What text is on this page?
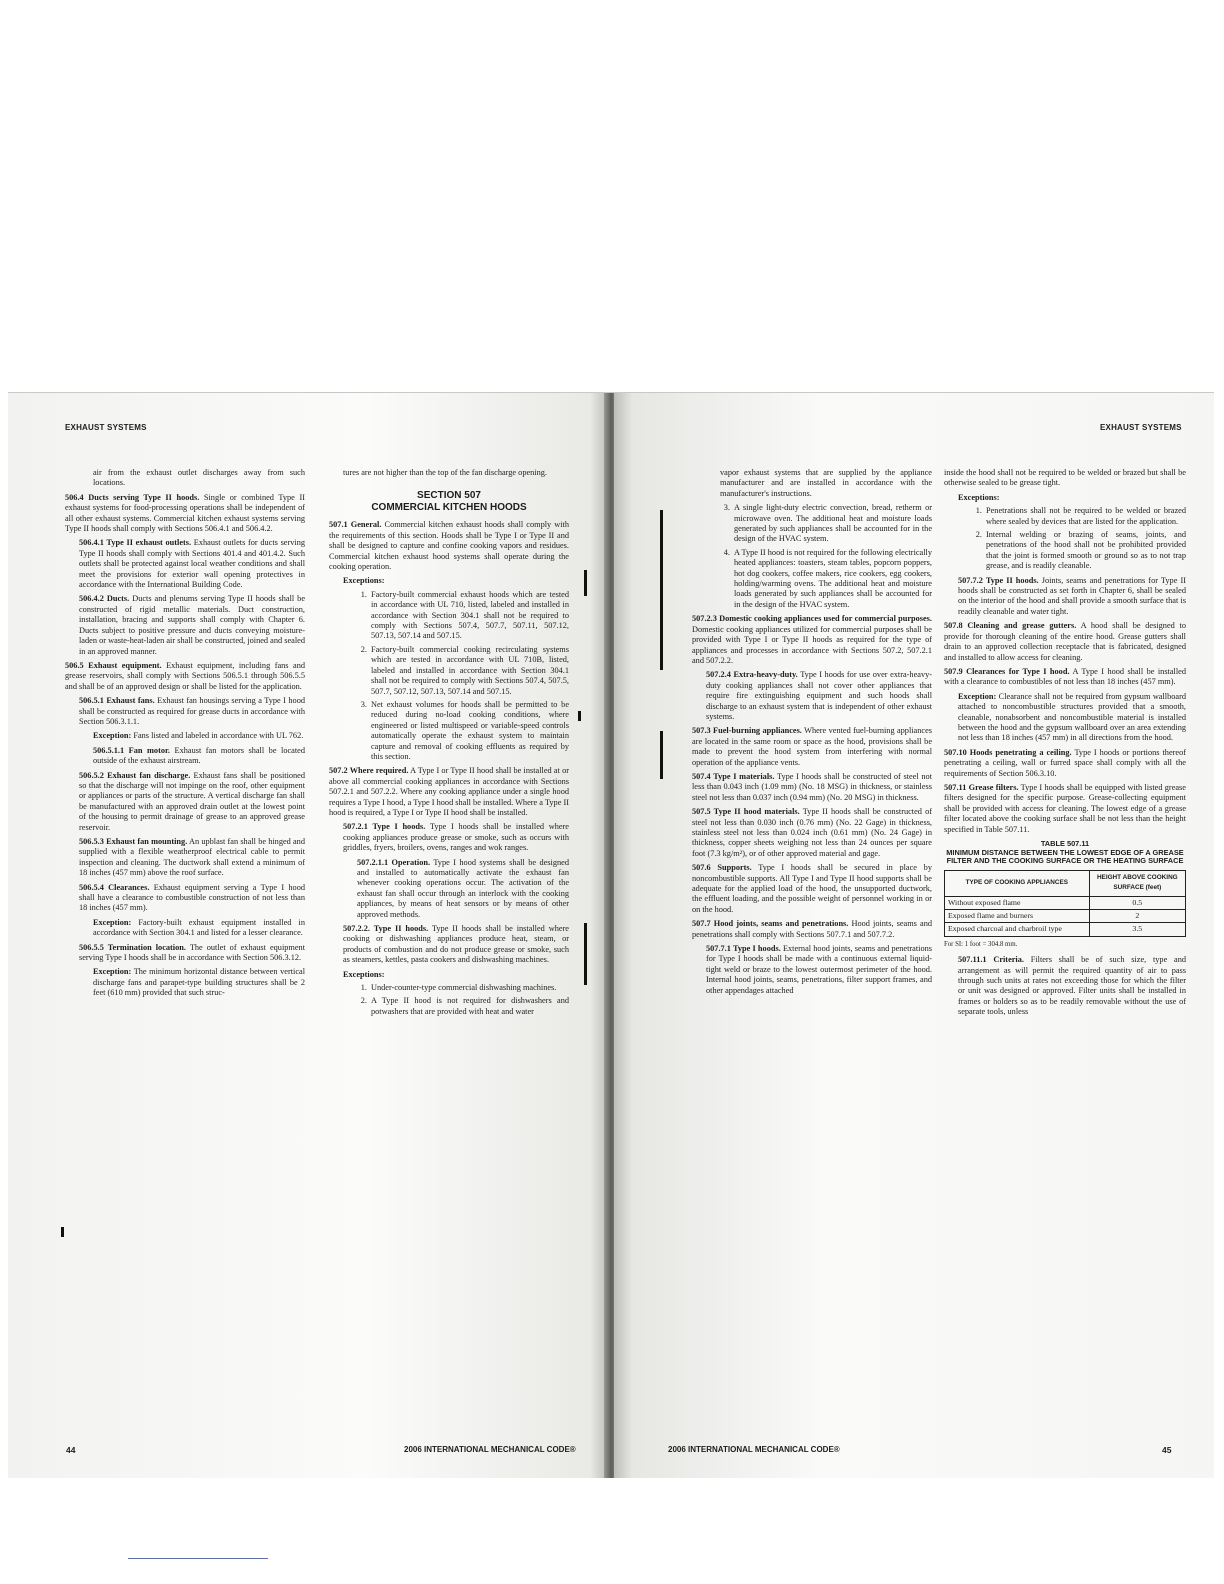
EXHAUST SYSTEMS

air from the exhaust outlet discharges away from such locations.

506.4 Ducts serving Type II hoods. Single or combined Type II exhaust systems for food-processing operations shall be independent of all other exhaust systems. Commercial kitchen exhaust systems serving Type II hoods shall comply with Sections 506.4.1 and 506.4.2.

506.4.1 Type II exhaust outlets. Exhaust outlets for ducts serving Type II hoods shall comply with Sections 401.4 and 401.4.2. Such outlets shall be protected against local weather conditions and shall meet the provisions for exterior wall opening protectives in accordance with the International Building Code.

506.4.2 Ducts. Ducts and plenums serving Type II hoods shall be constructed of rigid metallic materials. Duct construction, installation, bracing and supports shall comply with Chapter 6. Ducts subject to positive pressure and ducts conveying moisture-laden or waste-heat-laden air shall be constructed, joined and sealed in an approved manner.

506.5 Exhaust equipment. Exhaust equipment, including fans and grease reservoirs, shall comply with Sections 506.5.1 through 506.5.5 and shall be of an approved design or shall be listed for the application.

506.5.1 Exhaust fans. Exhaust fan housings serving a Type I hood shall be constructed as required for grease ducts in accordance with Section 506.3.1.1.

Exception: Fans listed and labeled in accordance with UL 762.

506.5.1.1 Fan motor. Exhaust fan motors shall be located outside of the exhaust airstream.

506.5.2 Exhaust fan discharge. Exhaust fans shall be positioned so that the discharge will not impinge on the roof, other equipment or appliances or parts of the structure. A vertical discharge fan shall be manufactured with an approved drain outlet at the lowest point of the housing to permit drainage of grease to an approved grease reservoir.

506.5.3 Exhaust fan mounting. An upblast fan shall be hinged and supplied with a flexible weatherproof electrical cable to permit inspection and cleaning. The ductwork shall extend a minimum of 18 inches (457 mm) above the roof surface.

506.5.4 Clearances. Exhaust equipment serving a Type I hood shall have a clearance to combustible construction of not less than 18 inches (457 mm).

Exception: Factory-built exhaust equipment installed in accordance with Section 304.1 and listed for a lesser clearance.

506.5.5 Termination location. The outlet of exhaust equipment serving Type I hoods shall be in accordance with Section 506.3.12.

Exception: The minimum horizontal distance between vertical discharge fans and parapet-type building structures shall be 2 feet (610 mm) provided that such struc-

tures are not higher than the top of the fan discharge opening.

SECTION 507
COMMERCIAL KITCHEN HOODS

507.1 General. Commercial kitchen exhaust hoods shall comply with the requirements of this section. Hoods shall be Type I or Type II and shall be designed to capture and confine cooking vapors and residues. Commercial kitchen exhaust hood systems shall operate during the cooking operation.

Exceptions:
1. Factory-built commercial exhaust hoods which are tested in accordance with UL 710, listed, labeled and installed in accordance with Section 304.1 shall not be required to comply with Sections 507.4, 507.7, 507.11, 507.12, 507.13, 507.14 and 507.15.
2. Factory-built commercial cooking recirculating systems which are tested in accordance with UL 710B, listed, labeled and installed in accordance with Section 304.1 shall not be required to comply with Sections 507.4, 507.5, 507.7, 507.12, 507.13, 507.14 and 507.15.
3. Net exhaust volumes for hoods shall be permitted to be reduced during no-load cooking conditions, where engineered or listed multispeed or variable-speed controls automatically operate the exhaust system to maintain capture and removal of cooking effluents as required by this section.

507.2 Where required. A Type I or Type II hood shall be installed at or above all commercial cooking appliances in accordance with Sections 507.2.1 and 507.2.2. Where any cooking appliance under a single hood requires a Type I hood, a Type I hood shall be installed. Where a Type II hood is required, a Type I or Type II hood shall be installed.

507.2.1 Type I hoods. Type I hoods shall be installed where cooking appliances produce grease or smoke, such as occurs with griddles, fryers, broilers, ovens, ranges and wok ranges.

507.2.1.1 Operation. Type I hood systems shall be designed and installed to automatically activate the exhaust fan whenever cooking operations occur. The activation of the exhaust fan shall occur through an interlock with the cooking appliances, by means of heat sensors or by means of other approved methods.

507.2.2. Type II hoods. Type II hoods shall be installed where cooking or dishwashing appliances produce heat, steam, or products of combustion and do not produce grease or smoke, such as steamers, kettles, pasta cookers and dishwashing machines.

Exceptions:
1. Under-counter-type commercial dishwashing machines.
2. A Type II hood is not required for dishwashers and potwashers that are provided with heat and water
44	2006 INTERNATIONAL MECHANICAL CODE®
EXHAUST SYSTEMS

vapor exhaust systems that are supplied by the appliance manufacturer and are installed in accordance with the manufacturer's instructions.

3. A single light-duty electric convection, bread, retherm or microwave oven. The additional heat and moisture loads generated by such appliances shall be accounted for in the design of the HVAC system.
4. A Type II hood is not required for the following electrically heated appliances: toasters, steam tables, popcorn poppers, hot dog cookers, coffee makers, rice cookers, egg cookers, holding/warming ovens. The additional heat and moisture loads generated by such appliances shall be accounted for in the design of the HVAC system.

507.2.3 Domestic cooking appliances used for commercial purposes. Domestic cooking appliances utilized for commercial purposes shall be provided with Type I or Type II hoods as required for the type of appliances and processes in accordance with Sections 507.2, 507.2.1 and 507.2.2.

507.2.4 Extra-heavy-duty. Type I hoods for use over extra-heavy-duty cooking appliances shall not cover other appliances that require fire extinguishing equipment and such hoods shall discharge to an exhaust system that is independent of other exhaust systems.

507.3 Fuel-burning appliances. Where vented fuel-burning appliances are located in the same room or space as the hood, provisions shall be made to prevent the hood system from interfering with normal operation of the appliance vents.

507.4 Type I materials. Type I hoods shall be constructed of steel not less than 0.043 inch (1.09 mm) (No. 18 MSG) in thickness, or stainless steel not less than 0.037 inch (0.94 mm) (No. 20 MSG) in thickness.

507.5 Type II hood materials. Type II hoods shall be constructed of steel not less than 0.030 inch (0.76 mm) (No. 22 Gage) in thickness, stainless steel not less than 0.024 inch (0.61 mm) (No. 24 Gage) in thickness, copper sheets weighing not less than 24 ounces per square foot (7.3 kg/m²), or of other approved material and gage.

507.6 Supports. Type I hoods shall be secured in place by noncombustible supports. All Type I and Type II hood supports shall be adequate for the applied load of the hood, the unsupported ductwork, the effluent loading, and the possible weight of personnel working in or on the hood.

507.7 Hood joints, seams and penetrations. Hood joints, seams and penetrations shall comply with Sections 507.7.1 and 507.7.2.

507.7.1 Type I hoods. External hood joints, seams and penetrations for Type I hoods shall be made with a continuous external liquid-tight weld or braze to the lowest outermost perimeter of the hood. Internal hood joints, seams, penetrations, filter support frames, and other appendages attached

inside the hood shall not be required to be welded or brazed but shall be otherwise sealed to be grease tight.

Exceptions:
1. Penetrations shall not be required to be welded or brazed where sealed by devices that are listed for the application.
2. Internal welding or brazing of seams, joints, and penetrations of the hood shall not be prohibited provided that the joint is formed smooth or ground so as to not trap grease, and is readily cleanable.

507.7.2 Type II hoods. Joints, seams and penetrations for Type II hoods shall be constructed as set forth in Chapter 6, shall be sealed on the interior of the hood and shall provide a smooth surface that is readily cleanable and water tight.

507.8 Cleaning and grease gutters. A hood shall be designed to provide for thorough cleaning of the entire hood. Grease gutters shall drain to an approved collection receptacle that is fabricated, designed and installed to allow access for cleaning.

507.9 Clearances for Type I hood. A Type I hood shall be installed with a clearance to combustibles of not less than 18 inches (457 mm).

Exception: Clearance shall not be required from gypsum wallboard attached to noncombustible structures provided that a smooth, cleanable, nonabsorbent and noncombustible material is installed between the hood and the gypsum wallboard over an area extending not less than 18 inches (457 mm) in all directions from the hood.

507.10 Hoods penetrating a ceiling. Type I hoods or portions thereof penetrating a ceiling, wall or furred space shall comply with all the requirements of Section 506.3.10.

507.11 Grease filters. Type I hoods shall be equipped with listed grease filters designed for the specific purpose. Grease-collecting equipment shall be provided with access for cleaning. The lowest edge of a grease filter located above the cooking surface shall be not less than the height specified in Table 507.11.

TABLE 507.11
MINIMUM DISTANCE BETWEEN THE LOWEST EDGE OF A GREASE FILTER AND THE COOKING SURFACE OR THE HEATING SURFACE
TYPE OF COOKING APPLIANCES	HEIGHT ABOVE COOKING SURFACE (feet)
Without exposed flame	0.5
Exposed flame and burners	2
Exposed charcoal and charbroil type	3.5
For SI: 1 foot = 304.8 mm.

507.11.1 Criteria. Filters shall be of such size, type and arrangement as will permit the required quantity of air to pass through such units at rates not exceeding those for which the filter or unit was designed or approved. Filter units shall be installed in frames or holders so as to be readily removable without the use of separate tools, unless

2006 INTERNATIONAL MECHANICAL CODE®	45
